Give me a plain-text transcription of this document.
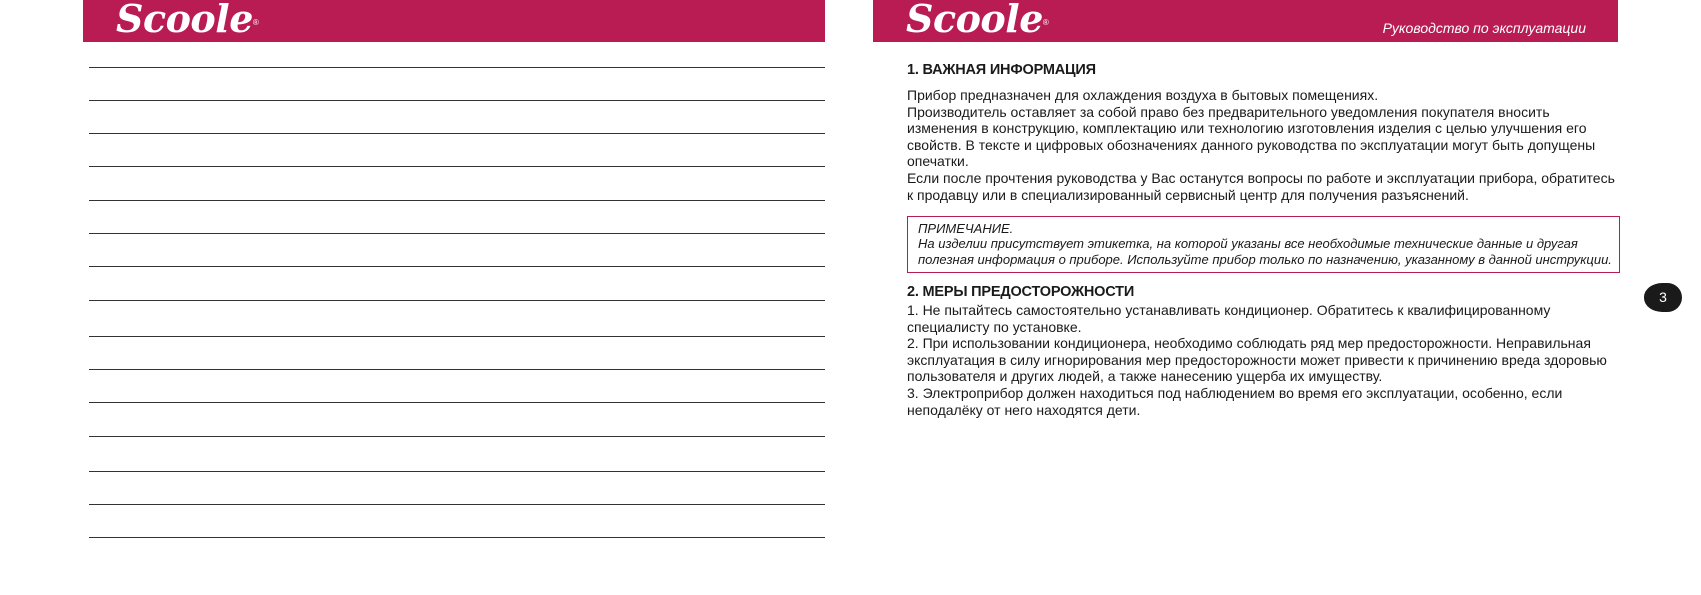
Scoole ®	Scoole ®	Руководство по эксплуатации
1. ВАЖНАЯ ИНФОРМАЦИЯ

Прибор предназначен для охлаждения воздуха в бытовых помещениях.

Производитель оставляет за собой право без предварительного уведомления покупателя вносить изменения в конструкцию, комплектацию или технологию изготовления изделия с целью улучшения его свойств. В тексте и цифровых обозначениях данного руководства по эксплуатации могут быть допущены опечатки.

Если после прочтения руководства у Вас останутся вопросы по работе и эксплуатации прибора, обратитесь к продавцу или в специализированный сервисный центр для получения разъяснений.

ПРИМЕЧАНИЕ.
На изделии присутствует этикетка, на которой указаны все необходимые технические данные и другая полезная информация о приборе. Используйте прибор только по назначению, указанному в данной инструкции.
2. МЕРЫ ПРЕДОСТОРОЖНОСТИ

1. Не пытайтесь самостоятельно устанавливать кондиционер. Обратитесь к квалифицированному специалисту по установке.

2. При использовании кондиционера, необходимо соблюдать ряд мер предосторожности. Неправильная эксплуатация в силу игнорирования мер предосторожности может привести к причинению вреда здоровью пользователя и других людей, а также нанесению ущерба их имуществу.

3. Электроприбор должен находиться под наблюдением во время его эксплуатации, особенно, если неподалёку от него находятся дети.

3
